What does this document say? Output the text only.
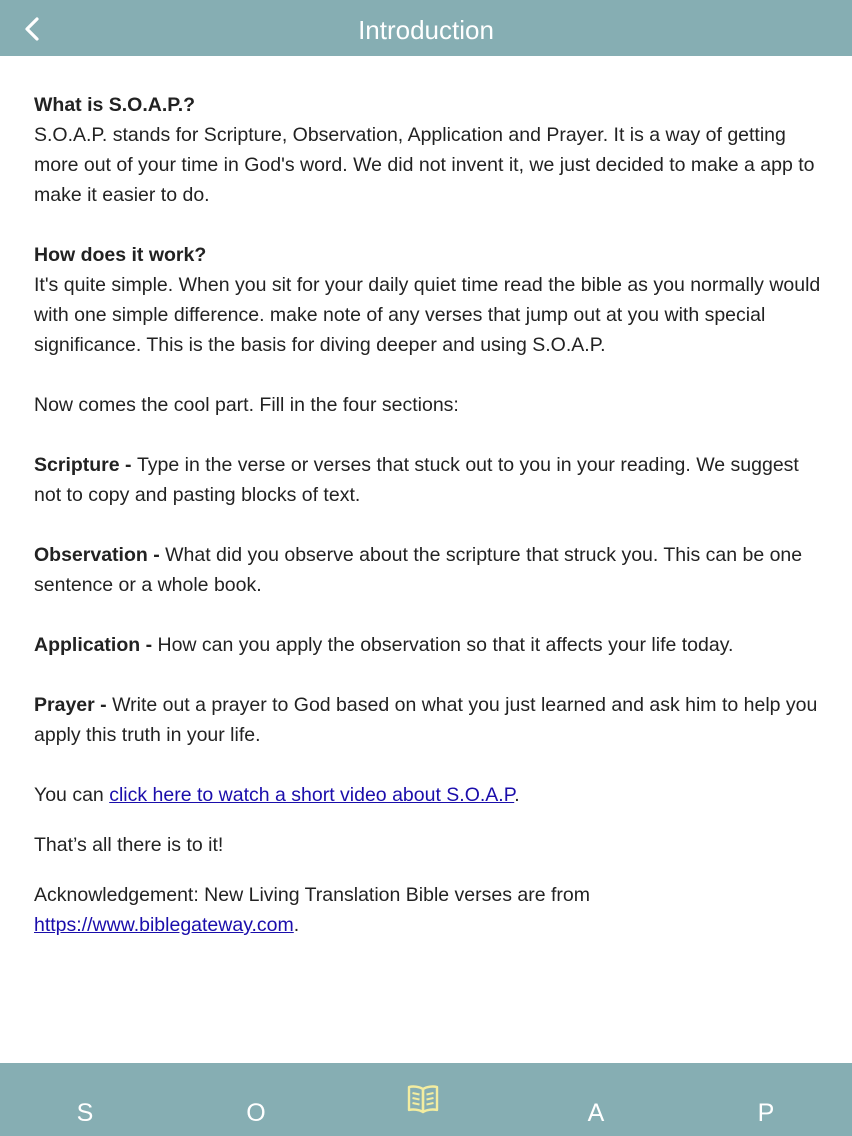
Introduction

What is S.O.A.P.?

S.O.A.P. stands for Scripture, Observation, Application and Prayer. It is a way of getting more out of your time in God's word. We did not invent it, we just decided to make a app to make it easier to do.

How does it work?

It's quite simple. When you sit for your daily quiet time read the bible as you normally would with one simple difference. make note of any verses that jump out at you with special significance. This is the basis for diving deeper and using S.O.A.P.

Now comes the cool part. Fill in the four sections:

Scripture - Type in the verse or verses that stuck out to you in your reading. We suggest not to copy and pasting blocks of text.

Observation - What did you observe about the scripture that struck you. This can be one sentence or a whole book.

Application - How can you apply the observation so that it affects your life today.

Prayer - Write out a prayer to God based on what you just learned and ask him to help you apply this truth in your life.

You can click here to watch a short video about S.O.A.P.

That’s all there is to it!

Acknowledgement: New Living Translation Bible verses are from

https://www.biblegateway.com.

S	O	A	P
